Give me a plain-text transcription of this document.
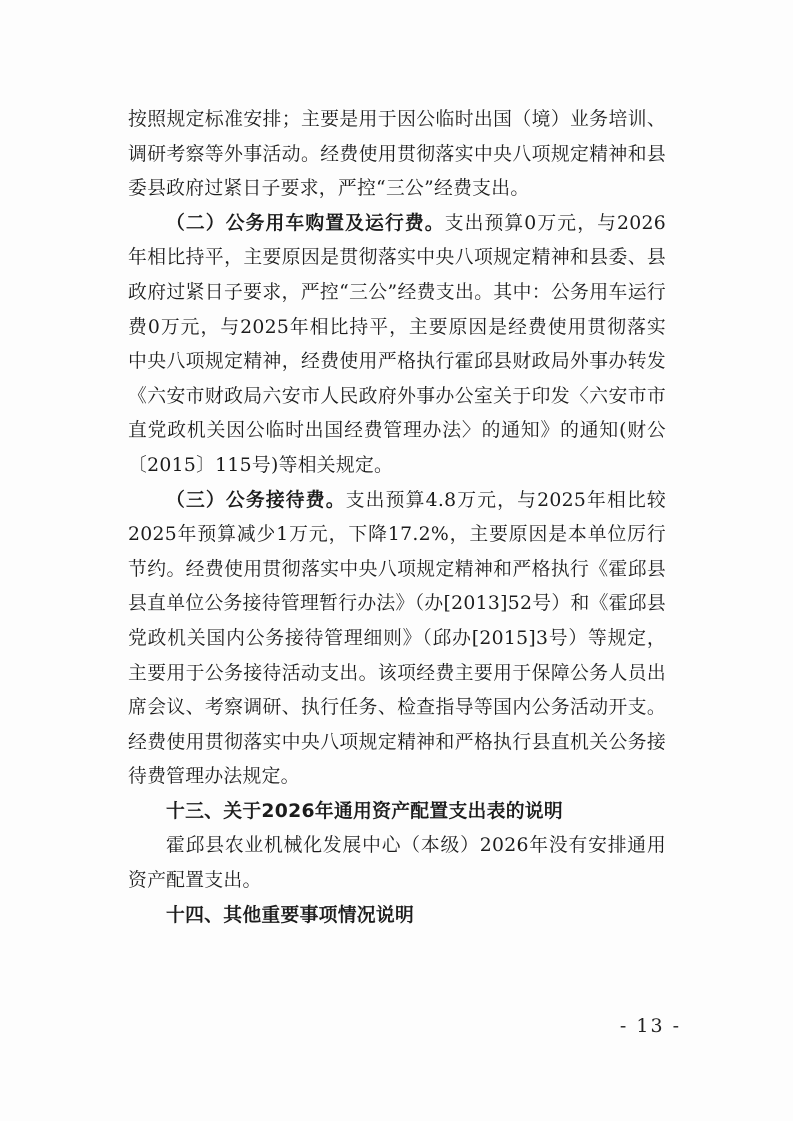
按照规定标准安排；主要是用于因公临时出国（境）业务培训、调研考察等外事活动。经费使用贯彻落实中央八项规定精神和县委县政府过紧日子要求，严控“三公”经费支出。

（二）公务用车购置及运行费。支出预算0万元，与2026年相比持平，主要原因是贯彻落实中央八项规定精神和县委、县政府过紧日子要求，严控“三公”经费支出。其中：公务用车运行费0万元，与2025年相比持平，主要原因是经费使用贯彻落实中央八项规定精神，经费使用严格执行霍邱县财政局外事办转发《六安市财政局六安市人民政府外事办公室关于印发〈六安市市直党政机关因公临时出国经费管理办法〉的通知》的通知(财公〔2015〕115号)等相关规定。

（三）公务接待费。支出预算4.8万元，与2025年相比较2025年预算减少1万元，下降17.2%，主要原因是本单位厉行节约。经费使用贯彻落实中央八项规定精神和严格执行《霍邱县县直单位公务接待管理暂行办法》（办[2013]52号）和《霍邱县党政机关国内公务接待管理细则》（邱办[2015]3号）等规定，主要用于公务接待活动支出。该项经费主要用于保障公务人员出席会议、考察调研、执行任务、检查指导等国内公务活动开支。经费使用贯彻落实中央八项规定精神和严格执行县直机关公务接待费管理办法规定。

十三、关于2026年通用资产配置支出表的说明

霍邱县农业机械化发展中心（本级）2026年没有安排通用资产配置支出。

十四、其他重要事项情况说明

- 13 -
